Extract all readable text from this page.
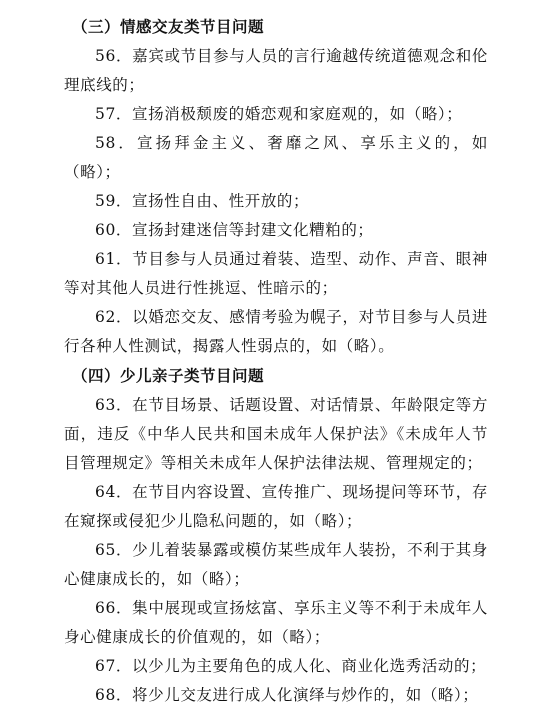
（三）情感交友类节目问题

56．嘉宾或节目参与人员的言行逾越传统道德观念和伦理底线的；

57．宣扬消极颓废的婚恋观和家庭观的，如（略）；

58．宣扬拜金主义、奢靡之风、享乐主义的，如（略）；

59．宣扬性自由、性开放的；

60．宣扬封建迷信等封建文化糟粕的；

61．节目参与人员通过着装、造型、动作、声音、眼神等对其他人员进行性挑逗、性暗示的；

62．以婚恋交友、感情考验为幌子，对节目参与人员进行各种人性测试，揭露人性弱点的，如（略）。

（四）少儿亲子类节目问题

63．在节目场景、话题设置、对话情景、年龄限定等方面，违反《中华人民共和国未成年人保护法》《未成年人节目管理规定》等相关未成年人保护法律法规、管理规定的；

64．在节目内容设置、宣传推广、现场提问等环节，存在窥探或侵犯少儿隐私问题的，如（略）；

65．少儿着装暴露或模仿某些成年人装扮，不利于其身心健康成长的，如（略）；

66．集中展现或宣扬炫富、享乐主义等不利于未成年人身心健康成长的价值观的，如（略）；

67．以少儿为主要角色的成人化、商业化选秀活动的；

68．将少儿交友进行成人化演绎与炒作的，如（略）；
